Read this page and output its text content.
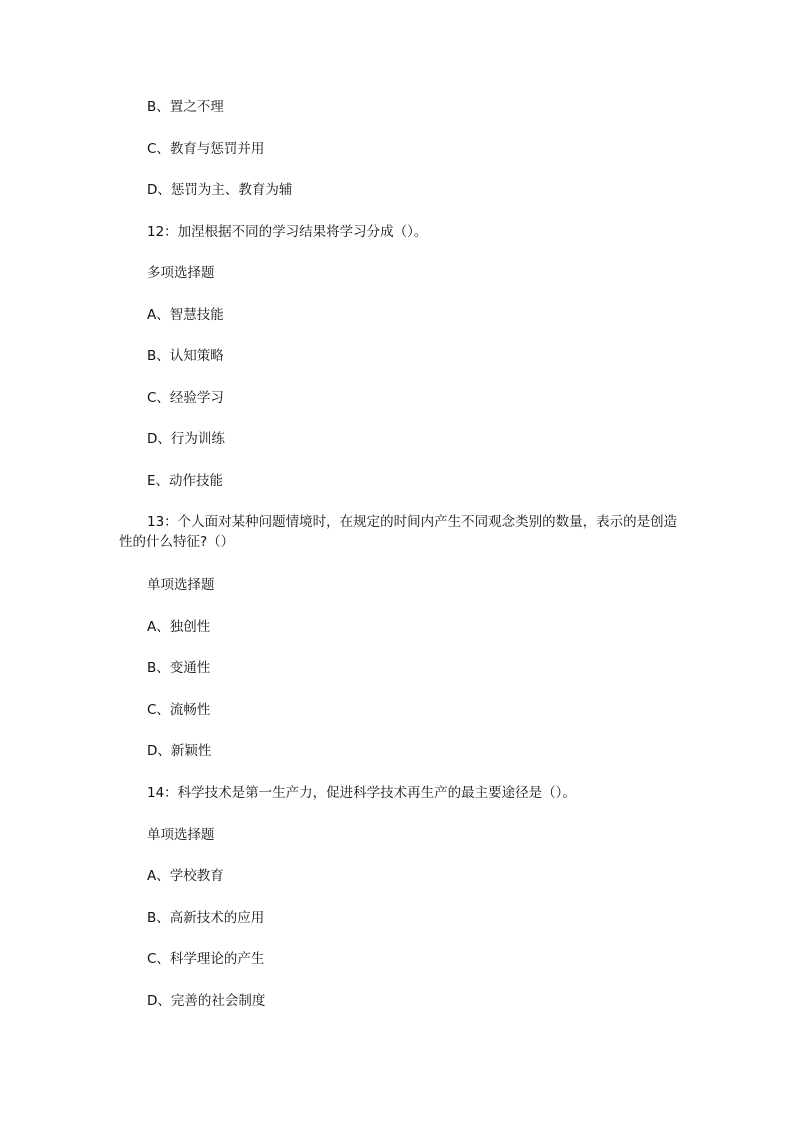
B、置之不理
C、教育与惩罚并用
D、惩罚为主、教育为辅
12：加涅根据不同的学习结果将学习分成（）。
多项选择题
A、智慧技能
B、认知策略
C、经验学习
D、行为训练
E、动作技能
13：个人面对某种问题情境时，在规定的时间内产生不同观念类别的数量，表示的是创造性的什么特征?（）
单项选择题
A、独创性
B、变通性
C、流畅性
D、新颖性
14：科学技术是第一生产力，促进科学技术再生产的最主要途径是（）。
单项选择题
A、学校教育
B、高新技术的应用
C、科学理论的产生
D、完善的社会制度
